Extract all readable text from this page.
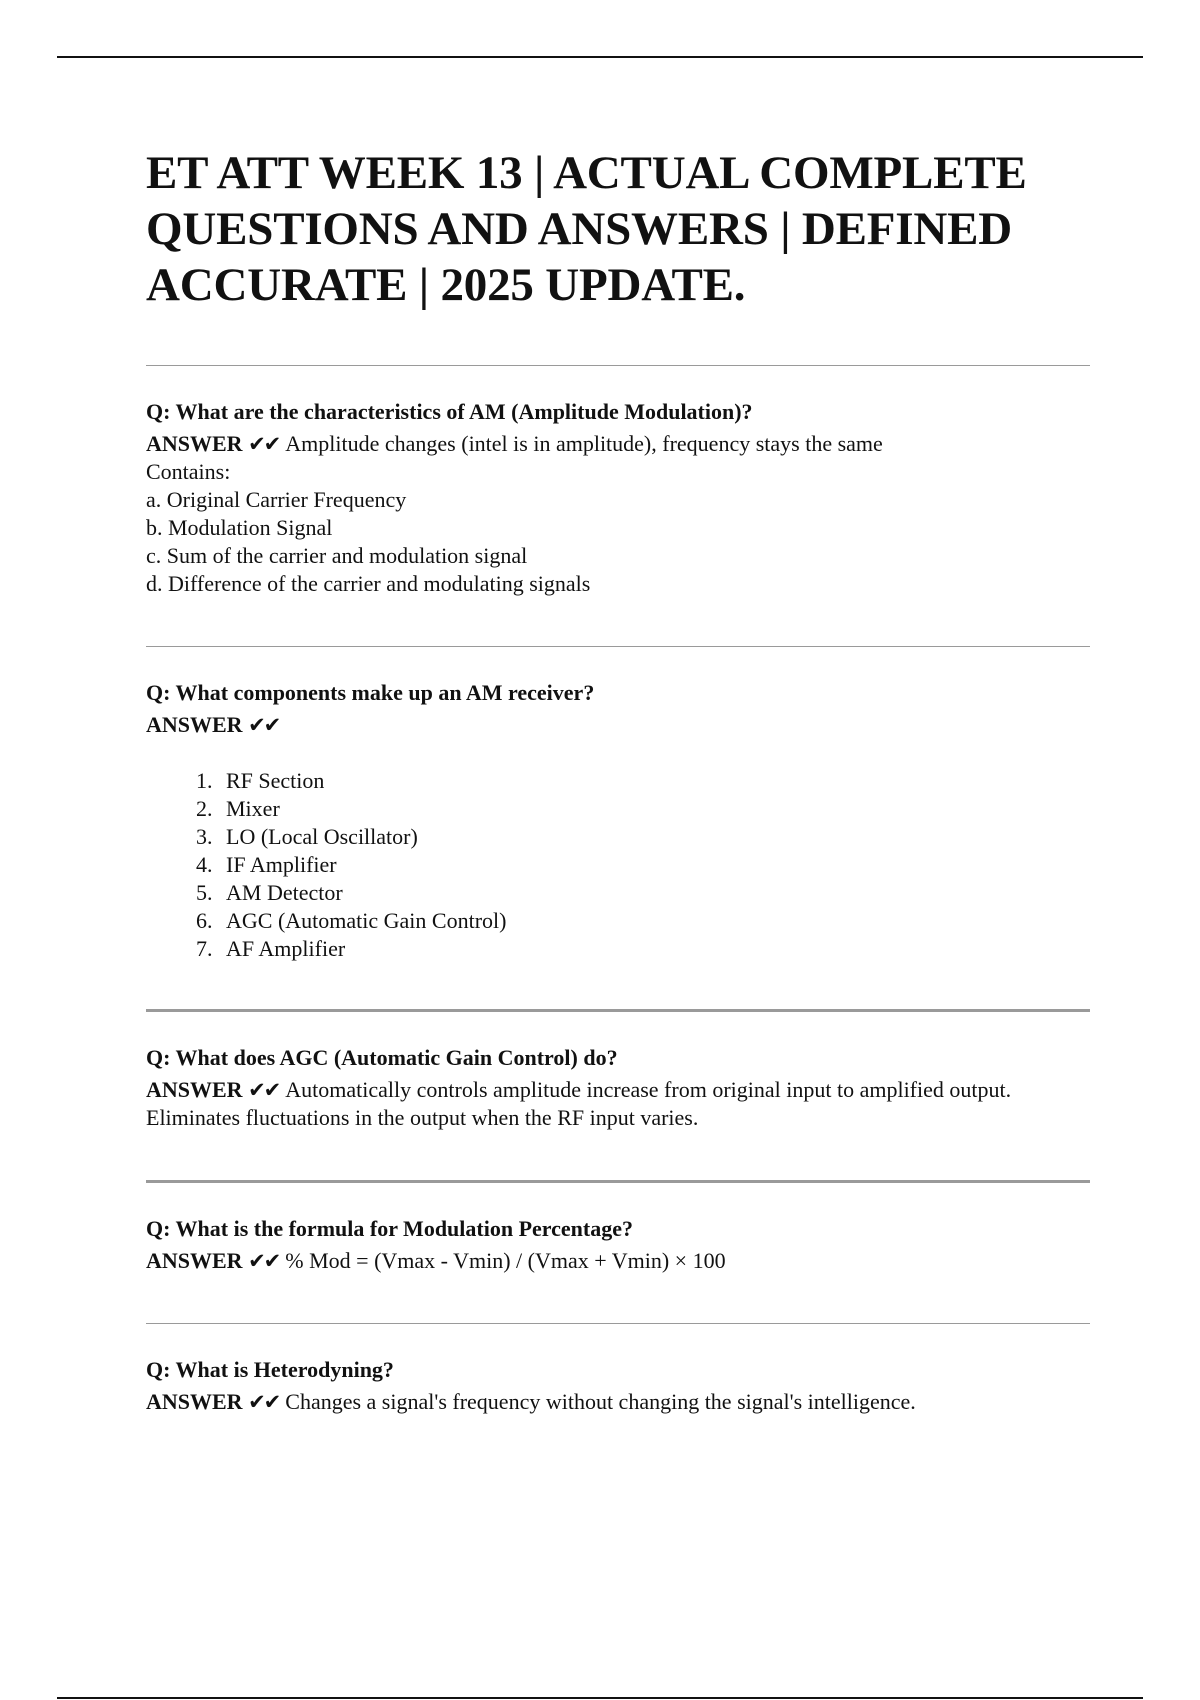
ET ATT WEEK 13 | ACTUAL COMPLETE QUESTIONS AND ANSWERS | DEFINED ACCURATE | 2025 UPDATE.

Q: What are the characteristics of AM (Amplitude Modulation)?

ANSWER ✔✔ Amplitude changes (intel is in amplitude), frequency stays the same

Contains:

a. Original Carrier Frequency

b. Modulation Signal

c. Sum of the carrier and modulation signal

d. Difference of the carrier and modulating signals

Q: What components make up an AM receiver?

ANSWER ✔✔

1. RF Section
2. Mixer
3. LO (Local Oscillator)
4. IF Amplifier
5. AM Detector
6. AGC (Automatic Gain Control)
7. AF Amplifier

Q: What does AGC (Automatic Gain Control) do?

ANSWER ✔✔ Automatically controls amplitude increase from original input to amplified output.

Eliminates fluctuations in the output when the RF input varies.

Q: What is the formula for Modulation Percentage?

ANSWER ✔✔ % Mod = (Vmax - Vmin) / (Vmax + Vmin) × 100

Q: What is Heterodyning?

ANSWER ✔✔ Changes a signal's frequency without changing the signal's intelligence.
